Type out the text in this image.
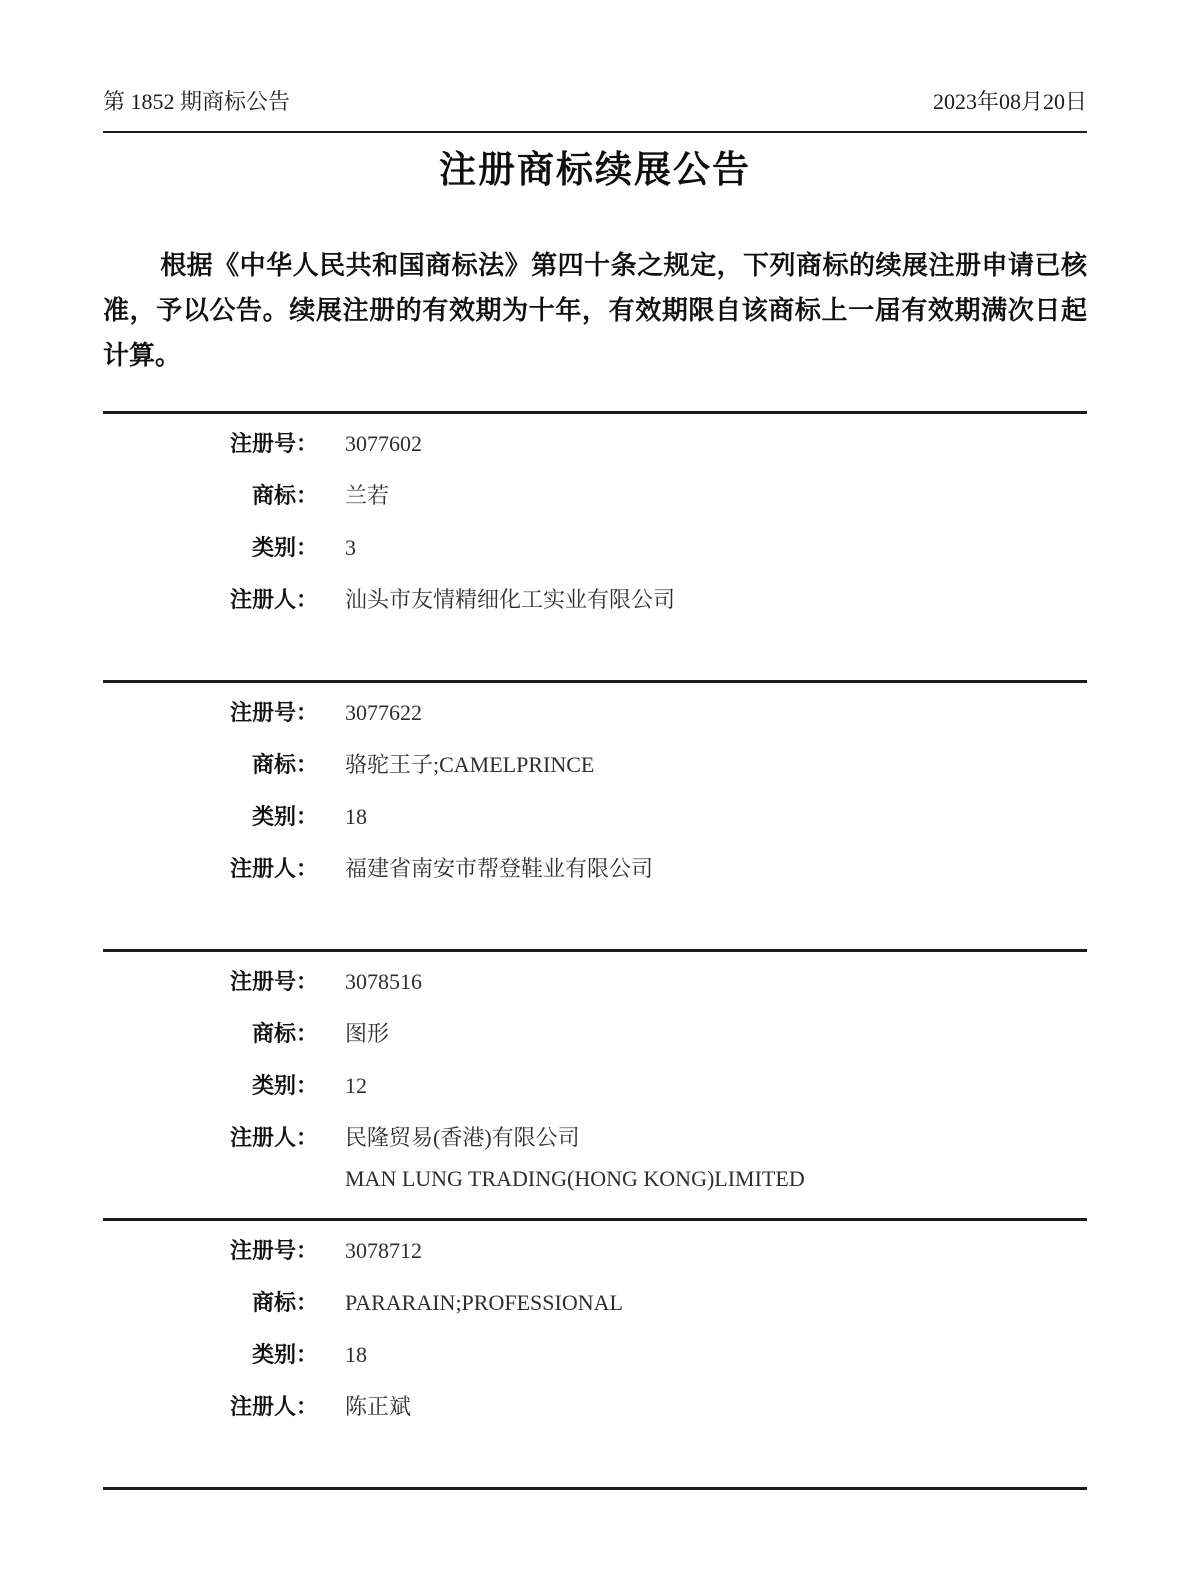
第 1852 期商标公告	2023年08月20日
注册商标续展公告

根据《中华人民共和国商标法》第四十条之规定，下列商标的续展注册申请已核准，予以公告。续展注册的有效期为十年，有效期限自该商标上一届有效期满次日起计算。

注册号： 3077602
商标： 兰若
类别： 3
注册人： 汕头市友情精细化工实业有限公司
注册号： 3077622
商标： 骆驼王子;CAMELPRINCE
类别： 18
注册人： 福建省南安市帮登鞋业有限公司
注册号： 3078516
商标： 图形
类别： 12
注册人： 民隆贸易(香港)有限公司
MAN LUNG TRADING(HONG KONG)LIMITED
注册号： 3078712
商标： PARARAIN;PROFESSIONAL
类别： 18
注册人： 陈正斌
